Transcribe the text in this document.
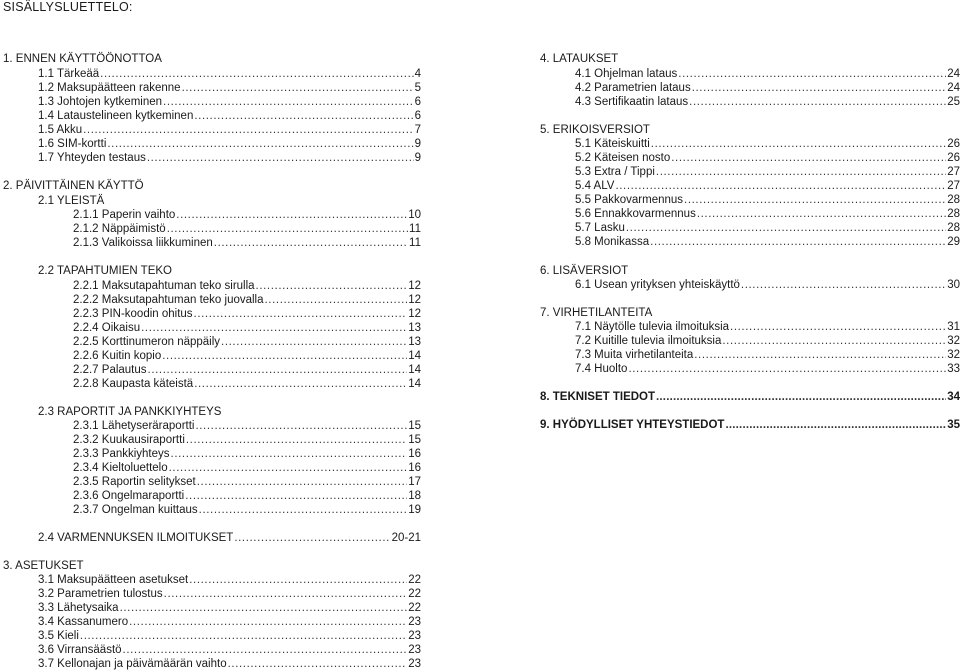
SISÄLLYSLUETTELO:
1. ENNEN KÄYTTÖÖNOTTOA
1.1 Tärkeää .....	4
1.2 Maksupäätteen rakenne .....	5
1.3 Johtojen kytkeminen .....	6
1.4 Lataustelineen kytkeminen .....	6
1.5 Akku .....	7
1.6 SIM-kortti .....	9
1.7 Yhteyden testaus .....	9
2. PÄIVITTÄINEN KÄYTTÖ
2.1 YLEISTÄ
2.1.1 Paperin vaihto .....	10
2.1.2 Näppäimistö .....	11
2.1.3 Valikoissa liikkuminen .....	11
2.2 TAPAHTUMIEN TEKO
2.2.1 Maksutapahtuman teko sirulla .....	12
2.2.2 Maksutapahtuman teko juovalla .....	12
2.2.3 PIN-koodin ohitus .....	12
2.2.4 Oikaisu .....	13
2.2.5 Korttinumeron näppäily .....	13
2.2.6 Kuitin kopio .....	14
2.2.7 Palautus .....	14
2.2.8 Kaupasta käteistä .....	14
2.3 RAPORTIT JA PANKKIYHTEYS
2.3.1 Lähetyseräraportti .....	15
2.3.2 Kuukausiraportti .....	15
2.3.3 Pankkiyhteys .....	16
2.3.4 Kieltoluettelo .....	16
2.3.5 Raportin selitykset .....	17
2.3.6 Ongelmaraportti .....	18
2.3.7 Ongelman kuittaus .....	19
2.4 VARMENNUKSEN ILMOITUKSET .....	20-21
3. ASETUKSET
3.1 Maksupäätteen asetukset .....	22
3.2 Parametrien tulostus .....	22
3.3 Lähetysaika .....	22
3.4 Kassanumero .....	23
3.5 Kieli .....	23
3.6 Virransäästö .....	23
3.7 Kellonajan ja päivämäärän vaihto .....	23
4. LATAUKSET
4.1 Ohjelman lataus .....	24
4.2 Parametrien lataus .....	24
4.3 Sertifikaatin lataus .....	25
5. ERIKOISVERSIOT
5.1 Käteiskuitti .....	26
5.2 Käteisen nosto .....	26
5.3 Extra / Tippi .....	27
5.4 ALV .....	27
5.5 Pakkovarmennus .....	28
5.6 Ennakkovarmennus .....	28
5.7 Lasku .....	28
5.8 Monikassa .....	29
6. LISÄVERSIOT
6.1 Usean yrityksen yhteiskäyttö .....	30
7. VIRHETILANTEITA
7.1 Näytölle tulevia ilmoituksia .....	31
7.2 Kuitille tulevia ilmoituksia .....	32
7.3 Muita virhetilanteita .....	32
7.4 Huolto .....	33
8. TEKNISET TIEDOT .....	34
9. HYÖDYLLISET YHTEYSTIEDOT .....	35
